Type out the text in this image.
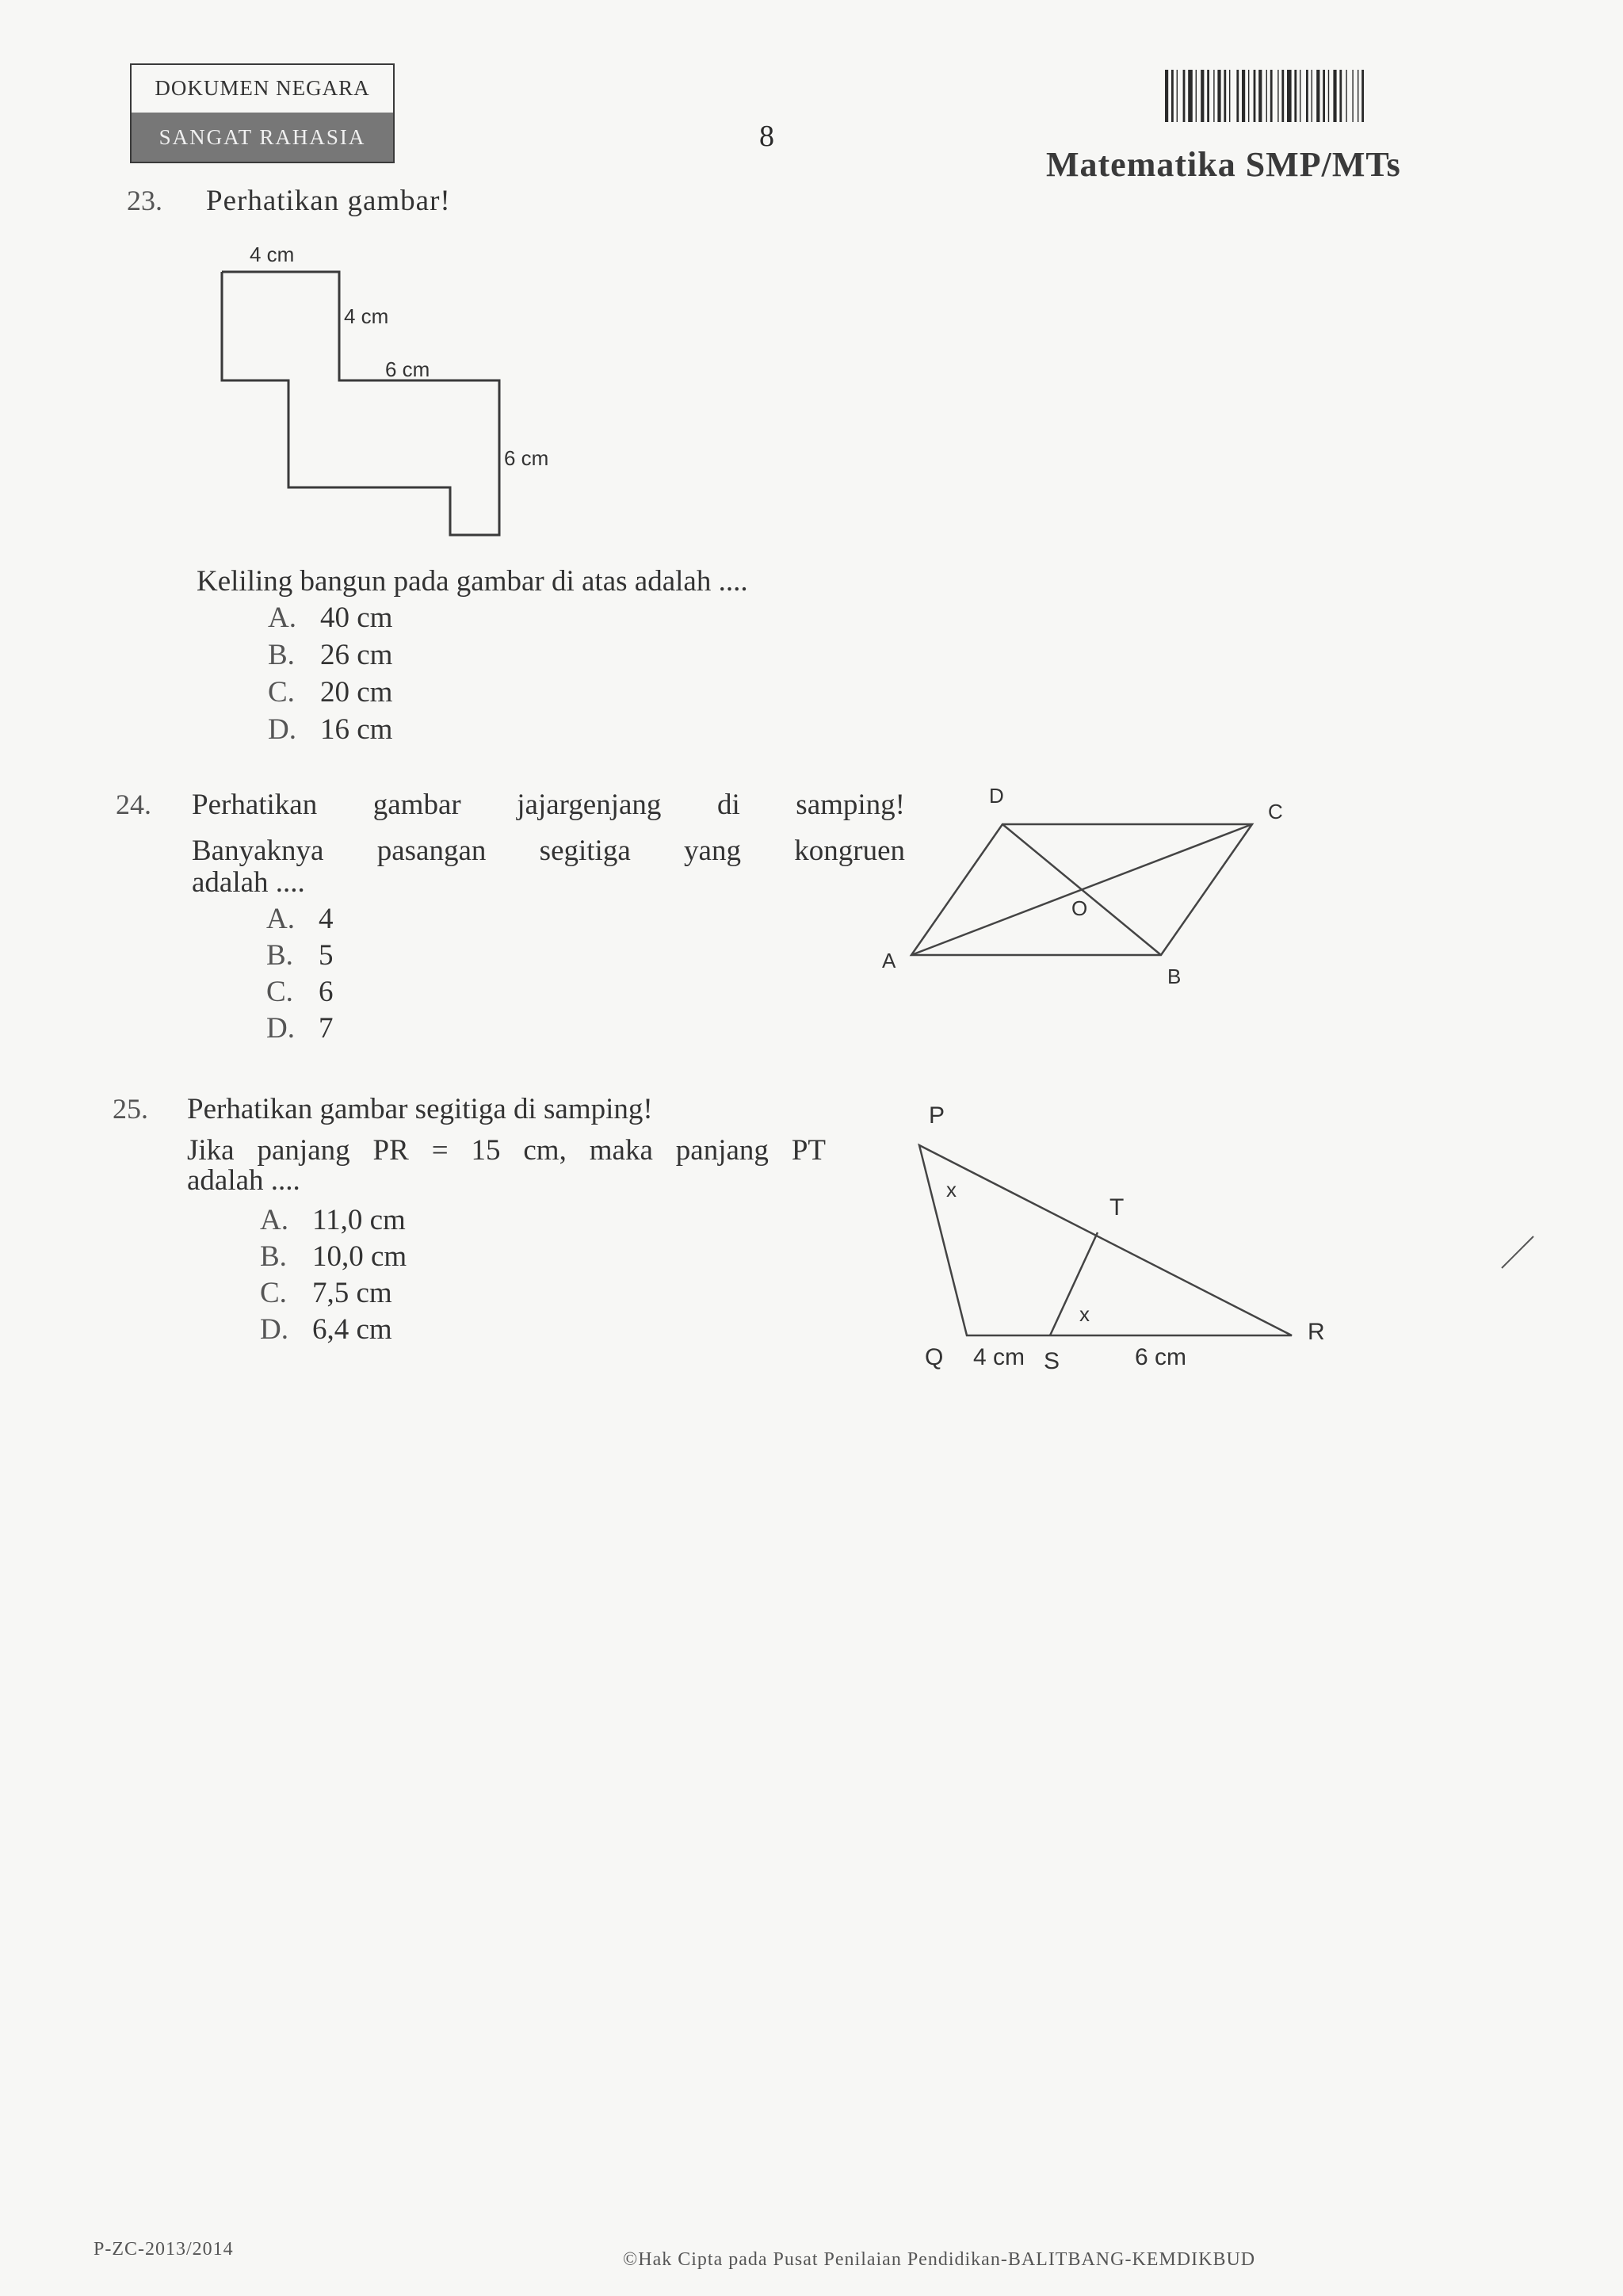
DOKUMEN NEGARA
SANGAT RAHASIA	8
Matematika SMP/MTs
23. Perhatikan gambar!
4 cm
4 cm
6 cm
6 cm
Keliling bangun pada gambar di atas adalah ....
A. 40 cm
B. 26 cm
C. 20 cm
D. 16 cm
24. Perhatikan gambar jajargenjang di samping!
Banyaknya pasangan segitiga yang kongruen
adalah ....
D
C
O
A
B
A. 4
B. 5
C. 6
D. 7
25. Perhatikan gambar segitiga di samping!
Jika panjang PR = 15 cm, maka panjang PT
adalah ....
P
x
T
x
R
Q 4 cm S	6 cm
A. 11,0 cm
B. 10,0 cm
C. 7,5 cm
D. 6,4 cm
P-ZC-2013/2014	©Hak Cipta pada Pusat Penilaian Pendidikan-BALITBANG-KEMDIKBUD
